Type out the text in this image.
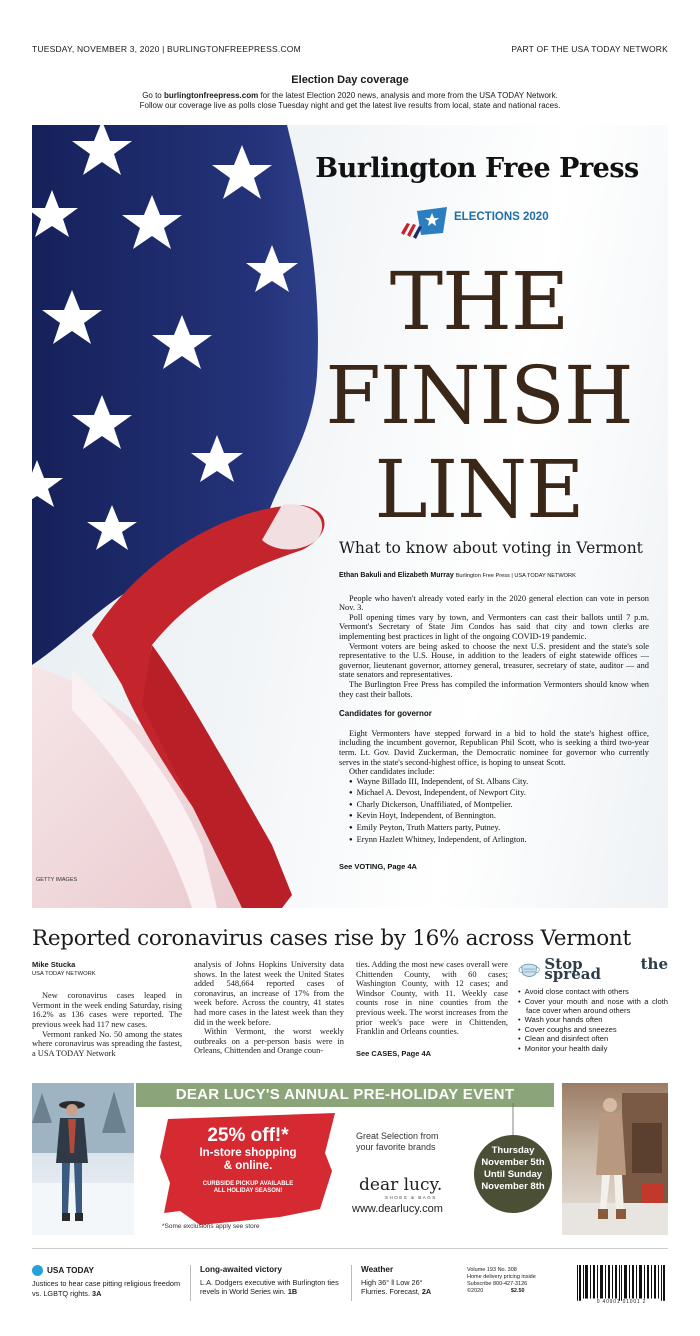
TUESDAY, NOVEMBER 3, 2020 | BURLINGTONFREEPRESS.COM	PART OF THE USA TODAY NETWORK
Election Day coverage

Go to burlingtonfreepress.com for the latest Election 2020 news, analysis and more from the USA TODAY Network.

Follow our coverage live as polls close Tuesday night and get the latest live results from local, state and national races.

GETTY IMAGES
Burlington Free Press
ELECTIONS 2020
THE
FINISH
LINE
What to know about voting in Vermont
Ethan Bakuli and Elizabeth Murray Burlington Free Press | USA TODAY NETWORK

People who haven't already voted early in the 2020 general election can vote in person Nov. 3.

Poll opening times vary by town, and Vermonters can cast their ballots until 7 p.m. Vermont's Secretary of State Jim Condos has said that city and town clerks are implementing best practices in light of the ongoing COVID-19 pandemic.

Vermont voters are being asked to choose the next U.S. president and the state's sole representative to the U.S. House, in addition to the leaders of eight statewide offices — governor, lieutenant governor, attorney general, treasurer, secretary of state, auditor — and state senators and representatives.

The Burlington Free Press has compiled the information Vermonters should know when they cast their ballots.

Candidates for governor

Eight Vermonters have stepped forward in a bid to hold the state's highest office, including the incumbent governor, Republican Phil Scott, who is seeking a third two-year term. Lt. Gov. David Zuckerman, the Democratic nominee for governor who currently serves in the state's second-highest office, is hoping to unseat Scott.

Other candidates include:

● Wayne Billado III, Independent, of St. Albans City.
● Michael A. Devost, Independent, of Newport City.
● Charly Dickerson, Unaffiliated, of Montpelier.
● Kevin Hoyt, Independent, of Bennington.
● Emily Peyton, Truth Matters party, Putney.
● Erynn Hazlett Whitney, Independent, of Arlington.
See VOTING, Page 4A
Reported coronavirus cases rise by 16% across Vermont

Mike Stucka

USA TODAY NETWORK

New coronavirus cases leaped in Vermont in the week ending Saturday, rising 16.2% as 136 cases were reported. The previous week had 117 new cases.

Vermont ranked No. 50 among the states where coronavirus was spreading the fastest, a USA TODAY Network

analysis of Johns Hopkins University data shows. In the latest week the United States added 548,664 reported cases of coronavirus, an increase of 17% from the week before. Across the country, 41 states had more cases in the latest week than they did in the week before.

Within Vermont, the worst weekly outbreaks on a per-person basis were in Orleans, Chittenden and Orange coun-

ties. Adding the most new cases overall were Chittenden County, with 60 cases; Washington County, with 12 cases; and Windsor County, with 11. Weekly case counts rose in nine counties from the previous week. The worst increases from the prior week's pace were in Chittenden, Franklin and Orleans counties.

See CASES, Page 4A
Stop the spread
• Avoid close contact with others
• Cover your mouth and nose with a cloth face cover when around others
• Wash your hands often
• Cover coughs and sneezes
• Clean and disinfect often
• Monitor your health daily
DEAR LUCY'S ANNUAL PRE-HOLIDAY EVENT
25% off!*
In-store shopping
& online.
CURBSIDE PICKUP AVAILABLE
ALL HOLIDAY SEASON!
*Some exclusions apply see store
Great Selection from
your favorite brands
dear lucy.
SHOES & BAGS
www.dearlucy.com
Thursday
November 5th
Until Sunday
November 8th
USA TODAY
Justices to hear case pitting religious freedom vs. LGBTQ rights. 3A
Long-awaited victory
L.A. Dodgers executive with Burlington ties revels in World Series win. 1B
Weather
High 36° ‖ Low 26°
Flurries. Forecast, 2A
Volume 193 No. 308
Home delivery pricing inside
Subscribe 800-427-3126
©2020	$2.50
0 40901 01001 2
